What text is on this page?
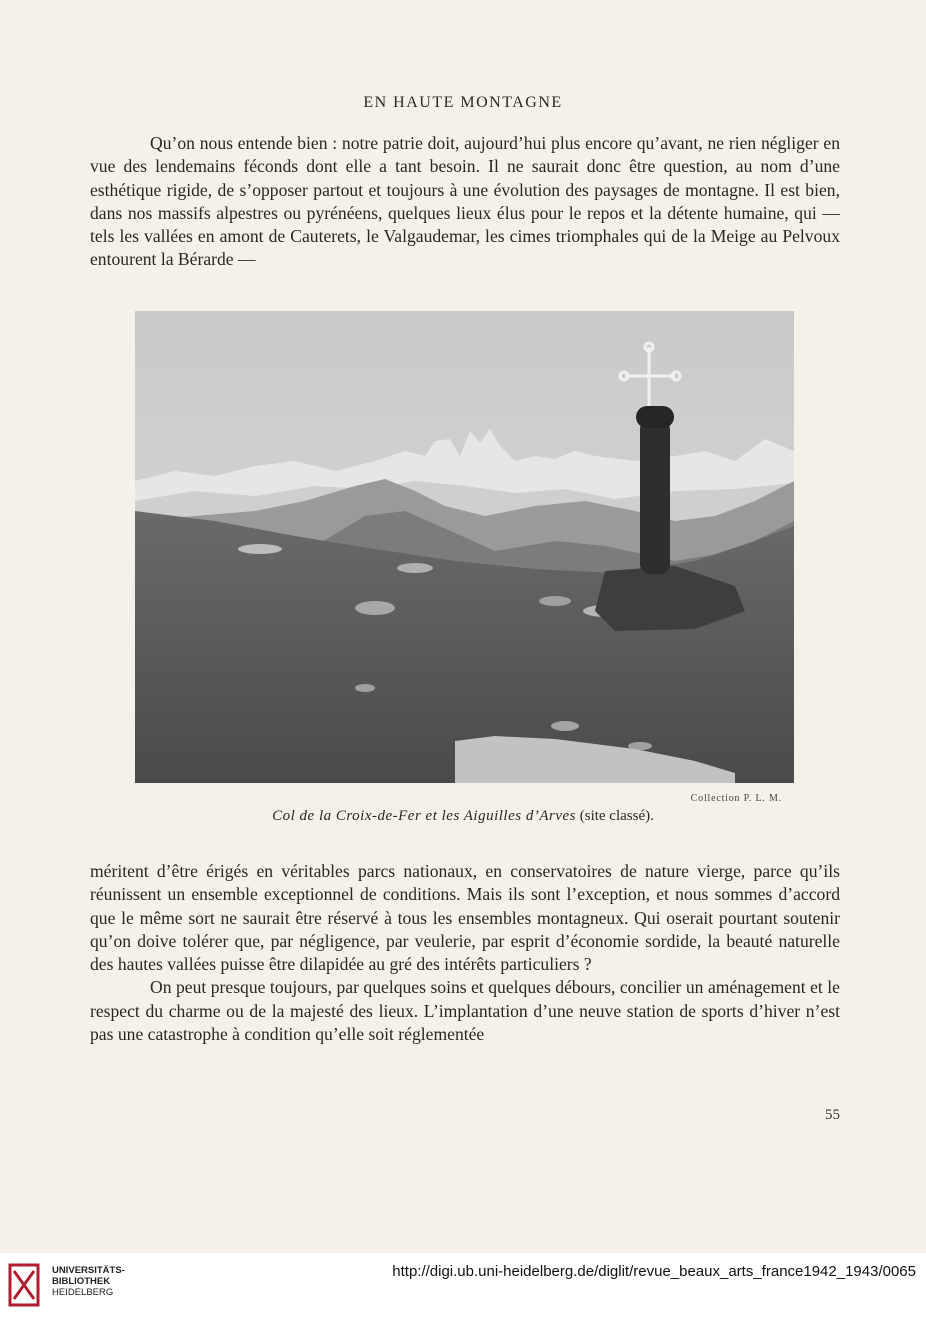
EN HAUTE MONTAGNE

Qu’on nous entende bien : notre patrie doit, aujourd’hui plus encore qu’avant, ne rien négliger en vue des lendemains féconds dont elle a tant besoin. Il ne saurait donc être question, au nom d’une esthétique rigide, de s’opposer partout et toujours à une évolution des paysages de montagne. Il est bien, dans nos massifs alpestres ou pyrénéens, quelques lieux élus pour le repos et la détente humaine, qui — tels les vallées en amont de Cauterets, le Valgaudemar, les cimes triomphales qui de la Meige au Pelvoux entourent la Bérarde —

Collection P. L. M.
Col de la Croix-de-Fer et les Aiguilles d’Arves (site classé).

méritent d’être érigés en véritables parcs nationaux, en conservatoires de nature vierge, parce qu’ils réunissent un ensemble exceptionnel de conditions. Mais ils sont l’exception, et nous sommes d’accord que le même sort ne saurait être réservé à tous les ensembles montagneux. Qui oserait pourtant soutenir qu’on doive tolérer que, par négligence, par veulerie, par esprit d’économie sordide, la beauté naturelle des hautes vallées puisse être dilapidée au gré des intérêts particuliers ?

On peut presque toujours, par quelques soins et quelques débours, concilier un aménagement et le respect du charme ou de la majesté des lieux. L’implantation d’une neuve station de sports d’hiver n’est pas une catastrophe à condition qu’elle soit réglementée

55
UNIVERSITÄTS-
BIBLIOTHEK
HEIDELBERG
http://digi.ub.uni-heidelberg.de/diglit/revue_beaux_arts_france1942_1943/0065
